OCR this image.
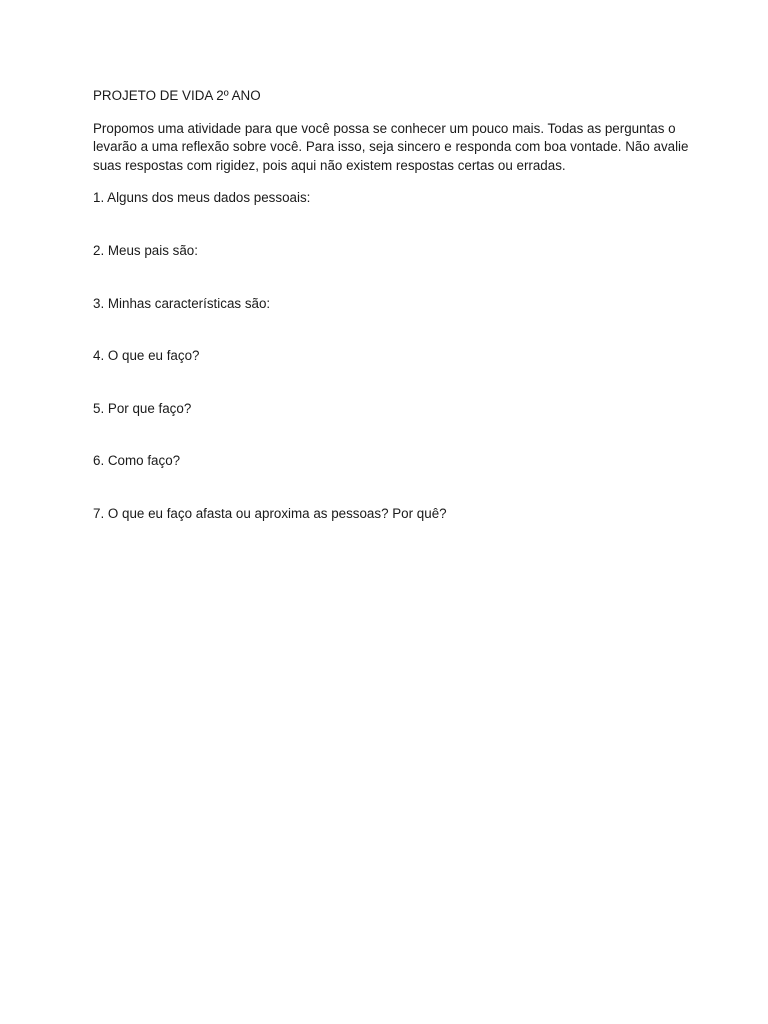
PROJETO DE VIDA 2º ANO

Propomos uma atividade para que você possa se conhecer um pouco mais. Todas as perguntas o levarão a uma reflexão sobre você. Para isso, seja sincero e responda com boa vontade. Não avalie suas respostas com rigidez, pois aqui não existem respostas certas ou erradas.

1. Alguns dos meus dados pessoais:

2. Meus pais são:

3. Minhas características são:

4. O que eu faço?

5. Por que faço?

6. Como faço?

7. O que eu faço afasta ou aproxima as pessoas? Por quê?
